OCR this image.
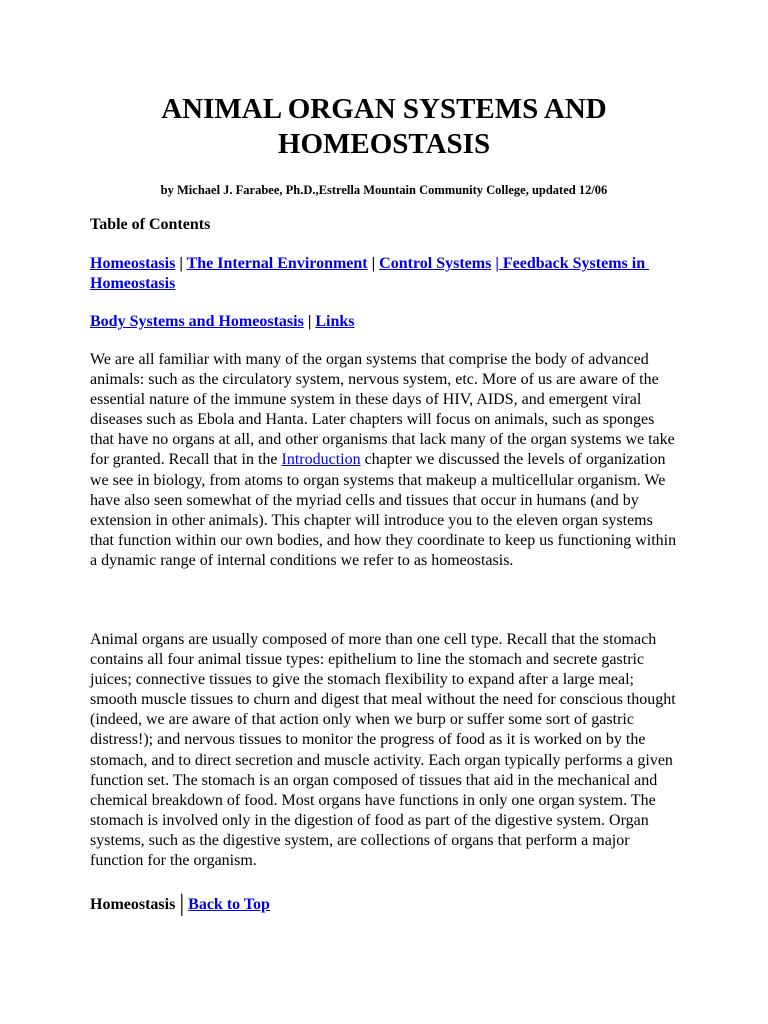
ANIMAL ORGAN SYSTEMS AND HOMEOSTASIS
by Michael J. Farabee, Ph.D.,Estrella Mountain Community College, updated 12/06
Table of Contents
Homeostasis | The Internal Environment | Control Systems | Feedback Systems in Homeostasis
Body Systems and Homeostasis | Links

We are all familiar with many of the organ systems that comprise the body of advanced animals: such as the circulatory system, nervous system, etc. More of us are aware of the essential nature of the immune system in these days of HIV, AIDS, and emergent viral diseases such as Ebola and Hanta. Later chapters will focus on animals, such as sponges that have no organs at all, and other organisms that lack many of the organ systems we take for granted. Recall that in the Introduction chapter we discussed the levels of organization we see in biology, from atoms to organ systems that makeup a multicellular organism. We have also seen somewhat of the myriad cells and tissues that occur in humans (and by extension in other animals). This chapter will introduce you to the eleven organ systems that function within our own bodies, and how they coordinate to keep us functioning within a dynamic range of internal conditions we refer to as homeostasis.

Animal organs are usually composed of more than one cell type. Recall that the stomach contains all four animal tissue types: epithelium to line the stomach and secrete gastric juices; connective tissues to give the stomach flexibility to expand after a large meal; smooth muscle tissues to churn and digest that meal without the need for conscious thought (indeed, we are aware of that action only when we burp or suffer some sort of gastric distress!); and nervous tissues to monitor the progress of food as it is worked on by the stomach, and to direct secretion and muscle activity. Each organ typically performs a given function set. The stomach is an organ composed of tissues that aid in the mechanical and chemical breakdown of food. Most organs have functions in only one organ system. The stomach is involved only in the digestion of food as part of the digestive system. Organ systems, such as the digestive system, are collections of organs that perform a major function for the organism.

Homeostasis | Back to Top
